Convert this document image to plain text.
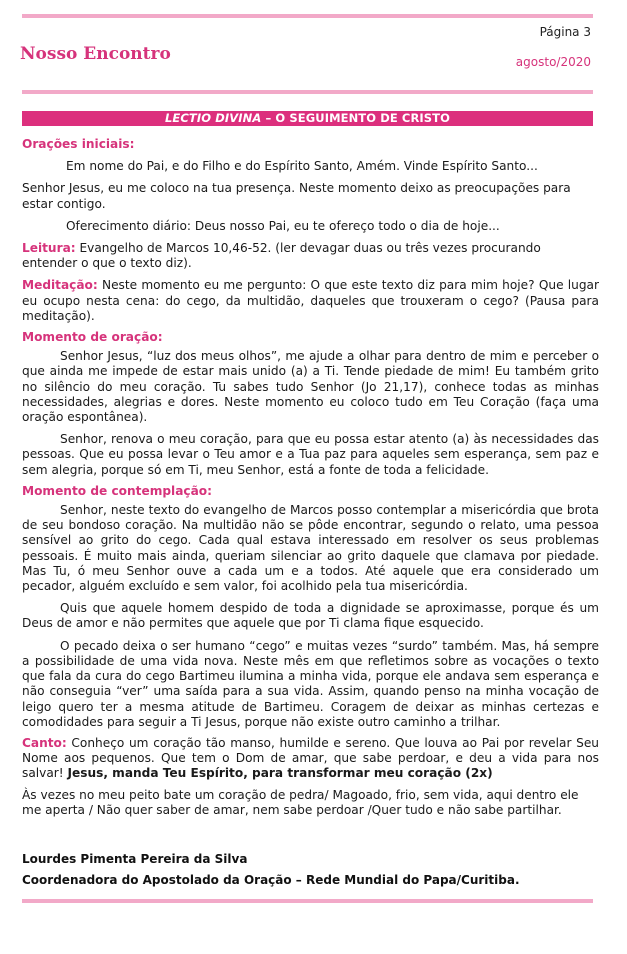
Página 3
Nosso Encontro	agosto/2020
LECTIO DIVINA – O SEGUIMENTO DE CRISTO

Orações iniciais:

Em nome do Pai, e do Filho e do Espírito Santo, Amém. Vinde Espírito Santo...

Senhor Jesus, eu me coloco na tua presença. Neste momento deixo as preocupações para estar contigo.

Oferecimento diário: Deus nosso Pai, eu te ofereço todo o dia de hoje...

Leitura: Evangelho de Marcos 10,46-52. (ler devagar duas ou três vezes procurando entender o que o texto diz).

Meditação: Neste momento eu me pergunto: O que este texto diz para mim hoje? Que lugar eu ocupo nesta cena: do cego, da multidão, daqueles que trouxeram o cego? (Pausa para meditação).

Momento de oração:

Senhor Jesus, “luz dos meus olhos”, me ajude a olhar para dentro de mim e perceber o que ainda me impede de estar mais unido (a) a Ti. Tende piedade de mim! Eu também grito no silêncio do meu coração. Tu sabes tudo Senhor (Jo 21,17), conhece todas as minhas necessidades, alegrias e dores. Neste momento eu coloco tudo em Teu Coração (faça uma oração espontânea).

Senhor, renova o meu coração, para que eu possa estar atento (a) às necessidades das pessoas. Que eu possa levar o Teu amor e a Tua paz para aqueles sem esperança, sem paz e sem alegria, porque só em Ti, meu Senhor, está a fonte de toda a felicidade.

Momento de contemplação:

Senhor, neste texto do evangelho de Marcos posso contemplar a misericórdia que brota de seu bondoso coração. Na multidão não se pôde encontrar, segundo o relato, uma pessoa sensível ao grito do cego. Cada qual estava interessado em resolver os seus problemas pessoais. É muito mais ainda, queriam silenciar ao grito daquele que clamava por piedade. Mas Tu, ó meu Senhor ouve a cada um e a todos. Até aquele que era considerado um pecador, alguém excluído e sem valor, foi acolhido pela tua misericórdia.

Quis que aquele homem despido de toda a dignidade se aproximasse, porque és um Deus de amor e não permites que aquele que por Ti clama fique esquecido.

O pecado deixa o ser humano “cego” e muitas vezes “surdo” também. Mas, há sempre a possibilidade de uma vida nova. Neste mês em que refletimos sobre as vocações o texto que fala da cura do cego Bartimeu ilumina a minha vida, porque ele andava sem esperança e não conseguia “ver” uma saída para a sua vida. Assim, quando penso na minha vocação de leigo quero ter a mesma atitude de Bartimeu. Coragem de deixar as minhas certezas e comodidades para seguir a Ti Jesus, porque não existe outro caminho a trilhar.

Canto: Conheço um coração tão manso, humilde e sereno. Que louva ao Pai por revelar Seu Nome aos pequenos. Que tem o Dom de amar, que sabe perdoar, e deu a vida para nos salvar! Jesus, manda Teu Espírito, para transformar meu coração (2x)

Às vezes no meu peito bate um coração de pedra/ Magoado, frio, sem vida, aqui dentro ele me aperta / Não quer saber de amar, nem sabe perdoar /Quer tudo e não sabe partilhar.

Lourdes Pimenta Pereira da Silva
Coordenadora do Apostolado da Oração – Rede Mundial do Papa/Curitiba.
